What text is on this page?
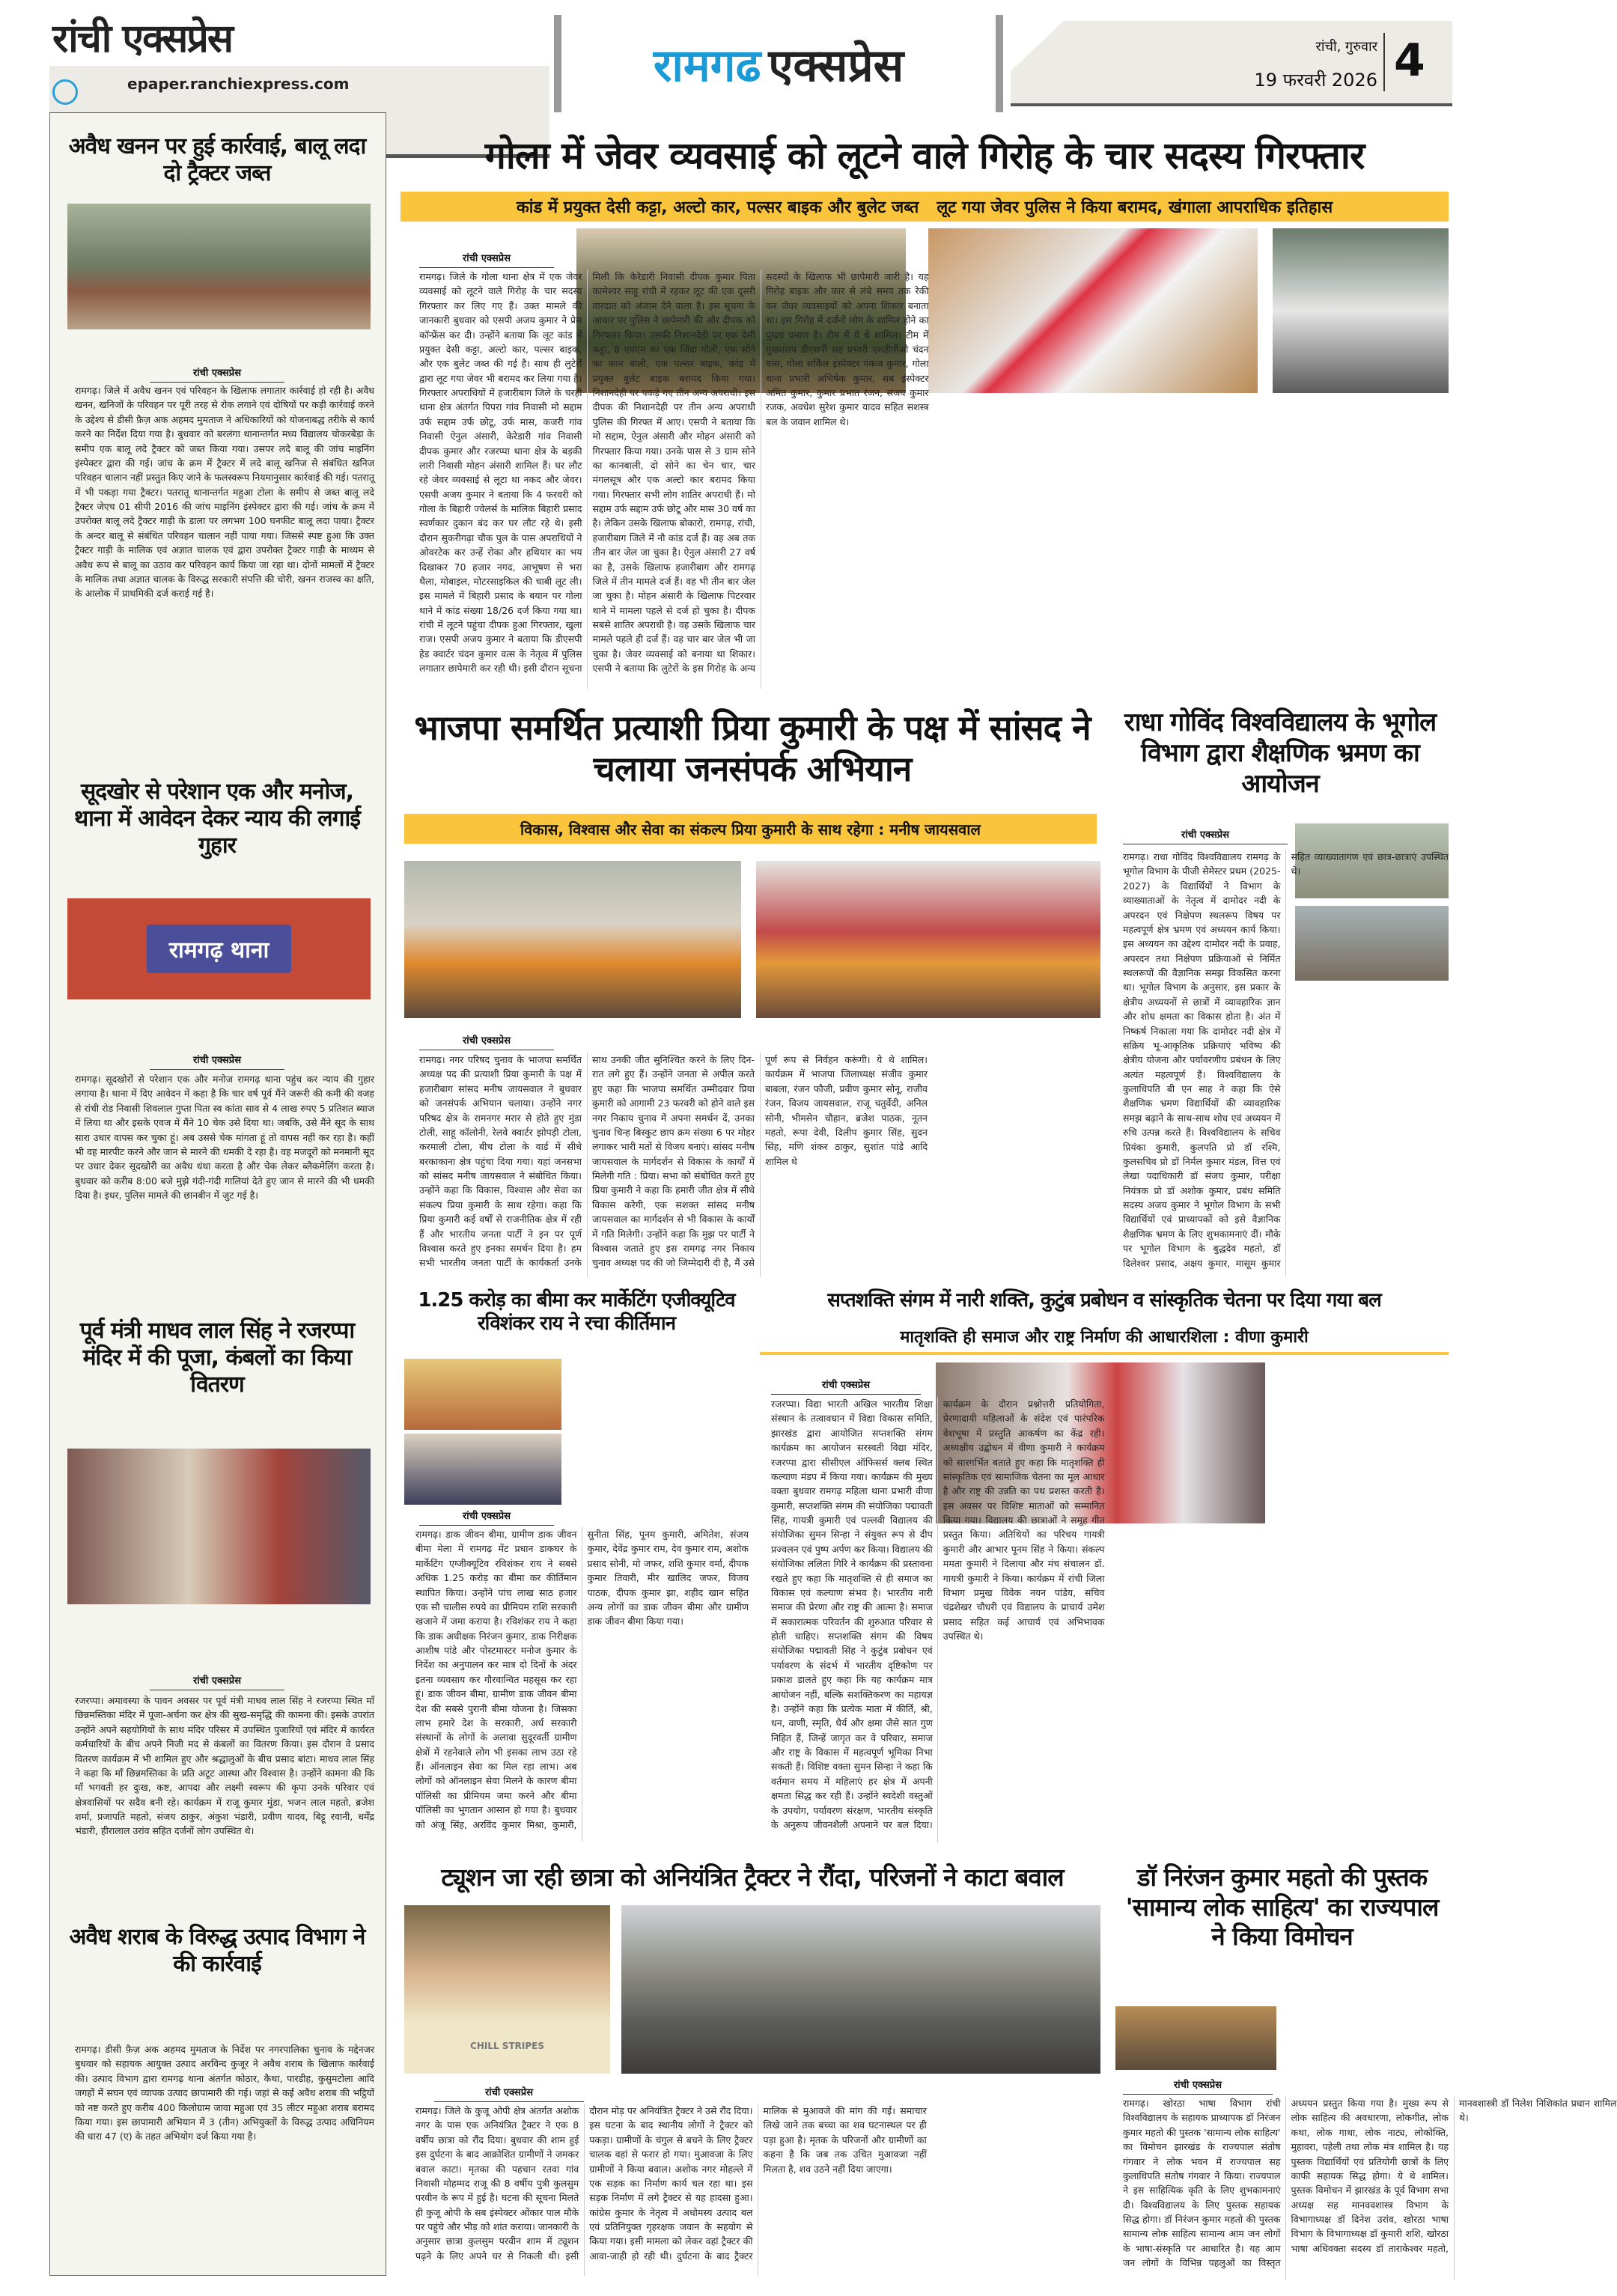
रांची एक्सप्रेस
epaper.ranchiexpress.com	रामगढ एक्सप्रेस	रांची, गुरुवार
19 फरवरी 2026 4
अवैध खनन पर हुई कार्रवाई, बालू लदा दो ट्रैक्टर जब्त
रांची एक्सप्रेस
रामगढ़। जिले में अवैध खनन एवं परिवहन के खिलाफ लगातार कार्रवाई हो रही है। अवैध खनन, खनिजों के परिवहन पर पूरी तरह से रोक लगाने एवं दोषियों पर कड़ी कार्रवाई करने के उद्देश्य से डीसी फ़ैज़ अक अहमद मुमताज ने अधिकारियों को योजनाबद्ध तरीके से कार्य करने का निर्देश दिया गया है। बुधवार को बरलंगा थानान्तर्गत मध्य विद्यालय चोकरबेड़ा के समीप एक बालू लदे ट्रैक्टर को जब्त किया गया। उसपर लदे बालू की जांच माइनिंग इंस्पेक्टर द्वारा की गई। जांच के क्रम में ट्रैक्टर में लदे बालू खनिज से संबंधित खनिज परिवहन चालान नहीं प्रस्तुत किए जाने के फलस्वरूप नियमानुसार कार्रवाई की गई। पतरातू में भी पकड़ा गया ट्रैक्टर। पतरातू थानान्तर्गत महुआ टोला के समीप से जब्त बालू लदे ट्रैक्टर जेएच 01 सीपी 2016 की जांच माइनिंग इंस्पेक्टर द्वारा की गई। जांच के क्रम में उपरोक्त बालू लदे ट्रैक्टर गाड़ी के डाला पर लगभग 100 घनफीट बालू लदा पाया। ट्रैक्टर के अन्दर बालू से संबंधित परिवहन चालान नहीं पाया गया। जिससे स्पष्ट हुआ कि उक्त ट्रैक्टर गाड़ी के मालिक एवं अज्ञात चालक एवं द्वारा उपरोक्त ट्रैक्टर गाड़ी के माध्यम से अवैध रूप से बालू का उठाव कर परिवहन कार्य किया जा रहा था। दोनों मामलों में ट्रैक्टर के मालिक तथा अज्ञात चालक के विरुद्ध सरकारी संपत्ति की चोरी, खनन राजस्व का क्षति, के आलोक में प्राथमिकी दर्ज कराई गई है।
सूदखोर से परेशान एक और मनोज, थाना में आवेदन देकर न्याय की लगाई गुहार
रामगढ़ थाना
रांची एक्सप्रेस
रामगढ़। सूदखोरों से परेशान एक और मनोज रामगढ़ थाना पहुंच कर न्याय की गुहार लगाया है। थाना में दिए आवेदन में कहा है कि चार वर्ष पूर्व मैंने जरूरी की कमी की वजह से रांची रोड निवासी शिवलाल गुप्ता पिता स्व कांता साव से 4 लाख रुपए 5 प्रतिशत ब्याज में लिया था और इसके एवज में मैंने 10 चेक उसे दिया था। जबकि, उसे मैंने सूद के साथ सारा उधार वापस कर चुका हूं। अब उससे चेक मांगता हूं तो वापस नहीं कर रहा है। कहीं भी वह मारपीट करने और जान से मारने की धमकी दे रहा है। वह मजदूरों को मनमानी सूद पर उधार देकर सूदखोरी का अवैध धंधा करता है और चेक लेकर ब्लैकमेलिंग करता है। बुधवार को करीब 8:00 बजे मुझे गंदी-गंदी गालियां देते हुए जान से मारने की भी धमकी दिया है। इधर, पुलिस मामले की छानबीन में जुट गई है।
पूर्व मंत्री माधव लाल सिंह ने रजरप्पा मंदिर में की पूजा, कंबलों का किया वितरण
रांची एक्सप्रेस
रजरप्पा। अमावस्या के पावन अवसर पर पूर्व मंत्री माधव लाल सिंह ने रजरप्पा स्थित माँ छिन्नमस्तिका मंदिर में पूजा-अर्चना कर क्षेत्र की सुख-समृद्धि की कामना की। इसके उपरांत उन्होंने अपने सहयोगियों के साथ मंदिर परिसर में उपस्थित पुजारियों एवं मंदिर में कार्यरत कर्मचारियों के बीच अपने निजी मद से कंबलों का वितरण किया। इस दौरान वे प्रसाद वितरण कार्यक्रम में भी शामिल हुए और श्रद्धालुओं के बीच प्रसाद बांटा। माधव लाल सिंह ने कहा कि माँ छिन्नमस्तिका के प्रति अटूट आस्था और विश्वास है। उन्होंने कामना की कि माँ भगवती हर दुःख, कष्ट, आपदा और लक्ष्मी स्वरूप की कृपा उनके परिवार एवं क्षेत्रवासियों पर सदैव बनी रहे। कार्यक्रम में राजू कुमार मुंडा, भजन लाल महतो, ब्रजेश शर्मा, प्रजापति महतो, संजय ठाकुर, अंकुश भंडारी, प्रवीण यादव, बिट्टू रवानी, धर्मेंद्र भंडारी, हीरालाल उरांव सहित दर्जनों लोग उपस्थित थे।
अवैध शराब के विरुद्ध उत्पाद विभाग ने की कार्रवाई
रामगढ़। डीसी फ़ैज़ अक अहमद मुमताज के निर्देश पर नगरपालिका चुनाव के मद्देनजर बुधवार को सहायक आयुक्त उत्पाद अरविन्द कुजूर ने अवैध शराब के खिलाफ कार्रवाई की। उत्पाद विभाग द्वारा रामगढ़ थाना अंतर्गत कोठार, कैथा, पारडीह, कुसुमटोला आदि जगहों में सघन एवं व्यापक उत्पाद छापामारी की गई। जहां से कई अवैध शराब की भट्ठियों को नष्ट करते हुए करीब 400 किलोग्राम जावा महुआ एवं 35 लीटर महुआ शराब बरामद किया गया। इस छापामारी अभियान में 3 (तीन) अभियुक्तों के विरुद्ध उत्पाद अधिनियम की धारा 47 (ए) के तहत अभियोग दर्ज किया गया है।
गोला में जेवर व्यवसाई को लूटने वाले गिरोह के चार सदस्य गिरफ्तार
कांड में प्रयुक्त देसी कट्टा, अल्टो कार, पल्सर बाइक और बुलेट जब्त लूट गया जेवर पुलिस ने किया बरामद, खंगाला आपराधिक इतिहास
रांची एक्सप्रेस
रामगढ़। जिले के गोला थाना क्षेत्र में एक जेवर व्यवसाई को लूटने वाले गिरोह के चार सदस्य गिरफ्तार कर लिए गए हैं। उक्त मामले की जानकारी बुधवार को एसपी अजय कुमार ने प्रेस कॉन्फ्रेंस कर दी। उन्होंने बताया कि लूट कांड में प्रयुक्त देसी कट्टा, अल्टो कार, पल्सर बाइक, और एक बुलेट जब्त की गई है। साथ ही लुटेरों द्वारा लूट गया जेवर भी बरामद कर लिया गया है। गिरफ्तार अपराधियों में हजारीबाग जिले के चरही थाना क्षेत्र अंतर्गत पिपरा गांव निवासी मो सद्दाम उर्फ सद्दाम उर्फ छोटू, उर्फ मास, कजरी गांव निवासी ऐनुल अंसारी, केरेडारी गांव निवासी दीपक कुमार और रजरप्पा थाना क्षेत्र के बड़की लारी निवासी मोहन अंसारी शामिल हैं। घर लौट रहे जेवर व्यवसाई से लूटा था नकद और जेवर। एसपी अजय कुमार ने बताया कि 4 फरवरी को गोला के बिहारी ज्वेलर्स के मालिक बिहारी प्रसाद स्वर्णकार दुकान बंद कर घर लौट रहे थे। इसी दौरान सुकरीगढ़ा चौक पुल के पास अपराधियों ने ओवरटेक कर उन्हें रोका और हथियार का भय दिखाकर 70 हजार नगद, आभूषण से भरा थैला, मोबाइल, मोटरसाइकिल की चाबी लूट ली। इस मामले में बिहारी प्रसाद के बयान पर गोला थाने में कांड संख्या 18/26 दर्ज किया गया था। रांची में लूटने पहुंचा दीपक हुआ गिरफ्तार, खुला राज। एसपी अजय कुमार ने बताया कि डीएसपी हेड क्वार्टर चंदन कुमार वत्स के नेतृत्व में पुलिस लगातार छापेमारी कर रही थी। इसी दौरान सूचना मिली कि केरेडारी निवासी दीपक कुमार पिता कामेश्वर साहू रांची में रहकर लूट की एक दूसरी वारदात को अंजाम देने वाला है। इस सूचना के आधार पर पुलिस ने छापेमारी की और दीपक को गिरफ्तार किया। उसकी निशानदेही पर एक देसी कट्टा, 8 एमएम का एक जिंदा गोली, एक सोने का कान बाली, एक पल्सर बाइक, कांड में प्रयुक्त बुलेट बाइक बरामद किया गया। निशानदेही पर पकड़े गए तीन अन्य अपराधी। इस दीपक की निशानदेही पर तीन अन्य अपराधी पुलिस की गिरफ्त में आए। एसपी ने बताया कि मो सद्दाम, ऐनुल अंसारी और मोहन अंसारी को गिरफ्तार किया गया। उनके पास से 3 ग्राम सोने का कानबाली, दो सोने का चेन चार, चार मंगलसूत्र और एक अल्टो कार बरामद किया गया। गिरफ्तार सभी लोग शातिर अपराधी हैं। मो सद्दाम उर्फ सद्दाम उर्फ छोटू और मास 30 वर्ष का है। लेकिन उसके खिलाफ बोकारो, रामगढ़, रांची, हजारीबाग जिले में नौ कांड दर्ज हैं। वह अब तक तीन बार जेल जा चुका है। ऐनुल अंसारी 27 वर्ष का है, उसके खिलाफ हजारीबाग और रामगढ़ जिले में तीन मामले दर्ज हैं। वह भी तीन बार जेल जा चुका है। मोहन अंसारी के खिलाफ पिटरवार थाने में मामला पहले से दर्ज हो चुका है। दीपक सबसे शातिर अपराधी है। वह उसके खिलाफ चार मामले पहले ही दर्ज हैं। वह चार बार जेल भी जा चुका है। जेवर व्यवसाई को बनाया था शिकार। एसपी ने बताया कि लुटेरों के इस गिरोह के अन्य सदस्यों के खिलाफ भी छापेमारी जारी है। यह गिरोह बाइक और कार से लंबे समय तक रेकी कर जेवर व्यवसाइयों को अपना शिकार बनाता था। इस गिरोह में दर्जनों लोग के शामिल होने का पुख्ता प्रमाण है। टीम में ये थे शामिल। टीम में मुख्यालय डीएसपी सह प्रभारी एसडीपीओ चंदन वत्स, गोला सर्किल इंस्पेक्टर पंकज कुमार, गोला थाना प्रभारी अभिषेक कुमार, सब इंस्पेक्टर अमित कुमार, कुमार प्रभात रंजन, संजय कुमार रजक, अवधेश सुरेश कुमार यादव सहित सशस्त्र बल के जवान शामिल थे।
भाजपा समर्थित प्रत्याशी प्रिया कुमारी के पक्ष में सांसद ने चलाया जनसंपर्क अभियान
विकास, विश्वास और सेवा का संकल्प प्रिया कुमारी के साथ रहेगा : मनीष जायसवाल
रांची एक्सप्रेस
रामगढ़। नगर परिषद चुनाव के भाजपा समर्थित अध्यक्ष पद की प्रत्याशी प्रिया कुमारी के पक्ष में हजारीबाग सांसद मनीष जायसवाल ने बुधवार को जनसंपर्क अभियान चलाया। उन्होंने नगर परिषद क्षेत्र के रामनगर मरार से होते हुए मुंडा टोली, साहू कॉलोनी, रेलवे क्वार्टर झोपड़ी टोला, करमाली टोला, बीच टोला के वार्ड में सीधे बरकाकाना क्षेत्र पहुंचा दिया गया। यहां जनसभा को सांसद मनीष जायसवाल ने संबोधित किया। उन्होंने कहा कि विकास, विश्वास और सेवा का संकल्प प्रिया कुमारी के साथ रहेगा। कहा कि प्रिया कुमारी कई वर्षों से राजनीतिक क्षेत्र में रही हैं और भारतीय जनता पार्टी ने इन पर पूर्ण विश्वास करते हुए इनका समर्थन दिया है। हम सभी भारतीय जनता पार्टी के कार्यकर्ता उनके साथ उनकी जीत सुनिश्चित करने के लिए दिन-रात लगे हुए हैं। उन्होंने जनता से अपील करते हुए कहा कि भाजपा समर्थित उम्मीदवार प्रिया कुमारी को आगामी 23 फरवरी को होने वाले इस नगर निकाय चुनाव में अपना समर्थन दें, उनका चुनाव चिन्ह बिस्कुट छाप क्रम संख्या 6 पर मोहर लगाकर भारी मतों से विजय बनाएं। सांसद मनीष जायसवाल के मार्गदर्शन से विकास के कार्यों में मिलेगी गति : प्रिया। सभा को संबोधित करते हुए प्रिया कुमारी ने कहा कि हमारी जीत क्षेत्र में सीधे विकास करेगी, एक सशक्त सांसद मनीष जायसवाल का मार्गदर्शन से भी विकास के कार्यों में गति मिलेगी। उन्होंने कहा कि मुझ पर पार्टी ने विश्वास जताते हुए इस रामगढ़ नगर निकाय चुनाव अध्यक्ष पद की जो जिम्मेदारी दी है, मैं उसे पूर्ण रूप से निर्वहन करूंगी। ये थे शामिल। कार्यक्रम में भाजपा जिलाध्यक्ष संजीव कुमार बाबला, रंजन फौजी, प्रवीण कुमार सोनू, राजीव रंजन, विजय जायसवाल, राजू चतुर्वेदी, अनिल सोनी, भीमसेन चौहान, ब्रजेश पाठक, नूतन महतो, रूपा देवी, दिलीप कुमार सिंह, सुदन सिंह, मणि शंकर ठाकुर, सुशांत पांडे आदि शामिल थे
राधा गोविंद विश्वविद्यालय के भूगोल विभाग द्वारा शैक्षणिक भ्रमण का आयोजन
रांची एक्सप्रेस
रामगढ़। राधा गोविंद विश्वविद्यालय रामगढ़ के भूगोल विभाग के पीजी सेमेस्टर प्रथम (2025-2027) के विद्यार्थियों ने विभाग के व्याख्याताओं के नेतृत्व में दामोदर नदी के अपरदन एवं निक्षेपण स्थलरूप विषय पर महत्वपूर्ण क्षेत्र भ्रमण एवं अध्ययन कार्य किया। इस अध्ययन का उद्देश्य दामोदर नदी के प्रवाह, अपरदन तथा निक्षेपण प्रक्रियाओं से निर्मित स्थलरूपों की वैज्ञानिक समझ विकसित करना था। भूगोल विभाग के अनुसार, इस प्रकार के क्षेत्रीय अध्ययनों से छात्रों में व्यावहारिक ज्ञान और शोध क्षमता का विकास होता है। अंत में निष्कर्ष निकाला गया कि दामोदर नदी क्षेत्र में सक्रिय भू-आकृतिक प्रक्रियाएं भविष्य की क्षेत्रीय योजना और पर्यावरणीय प्रबंधन के लिए अत्यंत महत्वपूर्ण हैं। विश्वविद्यालय के कुलाधिपति बी एन साह ने कहा कि ऐसे शैक्षणिक भ्रमण विद्यार्थियों की व्यावहारिक समझ बढ़ाने के साथ-साथ शोध एवं अध्ययन में रुचि उत्पन्न करते हैं। विश्वविद्यालय के सचिव प्रियंका कुमारी, कुलपति प्रो डॉ रश्मि, कुलसचिव प्रो डॉ निर्मल कुमार मंडल, वित्त एवं लेखा पदाधिकारी डॉ संजय कुमार, परीक्षा नियंत्रक प्रो डॉ अशोक कुमार, प्रबंध समिति सदस्य अजय कुमार ने भूगोल विभाग के सभी विद्यार्थियों एवं प्राध्यापकों को इसे वैज्ञानिक शैक्षणिक भ्रमण के लिए शुभकामनाएं दीं। मौके पर भूगोल विभाग के बुद्धदेव महतो, डॉ दिलेश्वर प्रसाद, अक्षय कुमार, मासूम कुमार सहित व्याख्यातागण एवं छात्र-छात्राएं उपस्थित थे।
1.25 करोड़ का बीमा कर मार्केटिंग एजीक्यूटिव रविशंकर राय ने रचा कीर्तिमान
रांची एक्सप्रेस
रामगढ़। डाक जीवन बीमा, ग्रामीण डाक जीवन बीमा मेला में रामगढ़ मेंट प्रधान डाकघर के मार्केटिंग एग्जीक्यूटिव रविशंकर राय ने सबसे अधिक 1.25 करोड़ का बीमा कर कीर्तिमान स्थापित किया। उन्होंने पांच लाख साठ हजार एक सौ चालीस रुपये का प्रीमियम राशि सरकारी खजाने में जमा कराया है। रविशंकर राय ने कहा कि डाक अधीक्षक निरंजन कुमार, डाक निरीक्षक आशीष पांडे और पोस्टमास्टर मनोज कुमार के निर्देश का अनुपालन कर मात्र दो दिनों के अंदर इतना व्यवसाय कर गौरवान्वित महसूस कर रहा हूं। डाक जीवन बीमा, ग्रामीण डाक जीवन बीमा देश की सबसे पुरानी बीमा योजना है। जिसका लाभ हमारे देश के सरकारी, अर्ध सरकारी संस्थानों के लोगों के अलावा सुदूरवर्ती ग्रामीण क्षेत्रों में रहनेवाले लोग भी इसका लाभ उठा रहे हैं। ऑनलाइन सेवा का मिल रहा लाभ। अब लोगों को ऑनलाइन सेवा मिलने के कारण बीमा पॉलिसी का प्रीमियम जमा करने और बीमा पॉलिसी का भुगतान आसान हो गया है। बुधवार को अंजू सिंह, अरविंद कुमार मिश्रा, कुमारी, सुनीता सिंह, पूनम कुमारी, अमितेश, संजय कुमार, देवेंद्र कुमार राम, देव कुमार राम, अशोक प्रसाद सोनी, मो जफर, शशि कुमार वर्मा, दीपक कुमार तिवारी, मीर खालिद जफर, विजय पाठक, दीपक कुमार झा, शहीद खान सहित अन्य लोगों का डाक जीवन बीमा और ग्रामीण डाक जीवन बीमा किया गया।
सप्तशक्ति संगम में नारी शक्ति, कुटुंब प्रबोधन व सांस्कृतिक चेतना पर दिया गया बल
मातृशक्ति ही समाज और राष्ट्र निर्माण की आधारशिला : वीणा कुमारी
रांची एक्सप्रेस
रजरप्पा। विद्या भारती अखिल भारतीय शिक्षा संस्थान के तत्वावधान में विद्या विकास समिति, झारखंड द्वारा आयोजित सप्तशक्ति संगम कार्यक्रम का आयोजन सरस्वती विद्या मंदिर, रजरप्पा द्वारा सीसीएल ऑफिसर्स क्लब स्थित कल्याण मंडप में किया गया। कार्यक्रम की मुख्य वक्ता बुधवार रामगढ़ महिला थाना प्रभारी वीणा कुमारी, सप्तशक्ति संगम की संयोजिका पद्मावती सिंह, गायत्री कुमारी एवं पल्लवी विद्यालय की संयोजिका सुमन सिन्हा ने संयुक्त रूप से दीप प्रज्वलन एवं पुष्प अर्पण कर किया। विद्यालय की संयोजिका ललिता गिरि ने कार्यक्रम की प्रस्तावना रखते हुए कहा कि मातृशक्ति से ही समाज का विकास एवं कल्याण संभव है। भारतीय नारी समाज की प्रेरणा और राष्ट्र की आत्मा है। समाज में सकारात्मक परिवर्तन की शुरुआत परिवार से होती चाहिए। सप्तशक्ति संगम की विषय संयोजिका पद्मावती सिंह ने कुटुंब प्रबोधन एवं पर्यावरण के संदर्भ में भारतीय दृष्टिकोण पर प्रकाश डालते हुए कहा कि यह कार्यक्रम मात्र आयोजन नहीं, बल्कि सशक्तिकरण का महायज्ञ है। उन्होंने कहा कि प्रत्येक माता में कीर्ति, श्री, धन, वाणी, स्मृति, धैर्य और क्षमा जैसे सात गुण निहित हैं, जिन्हें जागृत कर वे परिवार, समाज और राष्ट्र के विकास में महत्वपूर्ण भूमिका निभा सकती हैं। विशिष्ट वक्ता सुमन सिन्हा ने कहा कि वर्तमान समय में महिलाएं हर क्षेत्र में अपनी क्षमता सिद्ध कर रही हैं। उन्होंने स्वदेशी वस्तुओं के उपयोग, पर्यावरण संरक्षण, भारतीय संस्कृति के अनुरूप जीवनशैली अपनाने पर बल दिया। कार्यक्रम के दौरान प्रश्नोत्तरी प्रतियोगिता, प्रेरणादायी महिलाओं के संदेश एवं पारंपरिक वेशभूषा में प्रस्तुति आकर्षण का केंद्र रही। अध्यक्षीय उद्बोधन में वीणा कुमारी ने कार्यक्रम को सारगर्भित बताते हुए कहा कि मातृशक्ति ही सांस्कृतिक एवं सामाजिक चेतना का मूल आधार है और राष्ट्र की उन्नति का पथ प्रशस्त करती है। इस अवसर पर विशिष्ट माताओं को सम्मानित किया गया। विद्यालय की छात्राओं ने समूह गीत प्रस्तुत किया। अतिथियों का परिचय गायत्री कुमारी और आभार पूनम सिंह ने किया। संकल्प ममता कुमारी ने दिलाया और मंच संचालन डॉ. गायत्री कुमारी ने किया। कार्यक्रम में रांची जिला विभाग प्रमुख विवेक नयन पांडेय, सचिव चंद्रशेखर चौधरी एवं विद्यालय के प्राचार्य उमेश प्रसाद सहित कई आचार्य एवं अभिभावक उपस्थित थे।
ट्यूशन जा रही छात्रा को अनियंत्रित ट्रैक्टर ने रौंदा, परिजनों ने काटा बवाल
CHILL STRIPES
रांची एक्सप्रेस
रामगढ़। जिले के कुजू ओपी क्षेत्र अंतर्गत अशोक नगर के पास एक अनियंत्रित ट्रैक्टर ने एक 8 वर्षीय छात्रा को रौंद दिया। बुधवार की शाम हुई इस दुर्घटना के बाद आक्रोशित ग्रामीणों ने जमकर बवाल काटा। मृतका की पहचान रतवा गांव निवासी मोहम्मद राजू की 8 वर्षीय पुत्री कुलसुम परवीन के रूप में हुई है। घटना की सूचना मिलते ही कुजू ओपी के सब इंस्पेक्टर ओंकार पाल मौके पर पहुंचे और भीड़ को शांत कराया। जानकारी के अनुसार छात्रा कुलसुम परवीन शाम में ट्यूशन पढ़ने के लिए अपने घर से निकली थी। इसी दौरान मोड़ पर अनियंत्रित ट्रैक्टर ने उसे रौंद दिया। इस घटना के बाद स्थानीय लोगों ने ट्रैक्टर को पकड़ा। ग्रामीणों के चंगुल से बचने के लिए ट्रैक्टर चालक वहां से फरार हो गया। मुआवजा के लिए ग्रामीणों ने किया बवाल। अशोक नगर मोहल्ले में एक सड़क का निर्माण कार्य चल रहा था। इस सड़क निर्माण में लगे ट्रैक्टर से यह हादसा हुआ। कांग्रेस कुमार के नेतृत्व में अधोमस्य उत्पाद बल एवं प्रतिनियुक्त गृहरक्षक जवान के सहयोग से किया गया। इसी मामला को लेकर वहां ट्रैक्टर की आवा-जाही हो रही थी। दुर्घटना के बाद ट्रैक्टर मालिक से मुआवजे की मांग की गई। समाचार लिखे जाने तक बच्चा का शव घटनास्थल पर ही पड़ा हुआ है। मृतक के परिजनों और ग्रामीणों का कहना है कि जब तक उचित मुआवजा नहीं मिलता है, शव उठने नहीं दिया जाएगा।
डॉ निरंजन कुमार महतो की पुस्तक 'सामान्य लोक साहित्य' का राज्यपाल ने किया विमोचन
रांची एक्सप्रेस
रामगढ़। खोरठा भाषा विभाग रांची विश्वविद्यालय के सहायक प्राध्यापक डॉ निरंजन कुमार महतो की पुस्तक 'सामान्य लोक साहित्य' का विमोचन झारखंड के राज्यपाल संतोष गंगवार ने लोक भवन में राज्यपाल सह कुलाधिपति संतोष गंगवार ने किया। राज्यपाल ने इस साहित्यिक कृति के लिए शुभकामनाएं दी। विश्वविद्यालय के लिए पुस्तक सहायक सिद्ध होगा। डॉ निरंजन कुमार महतो की पुस्तक सामान्य लोक साहित्य सामान्य आम जन लोगों के भाषा-संस्कृति पर आधारित है। यह आम जन लोगों के विभिन्न पहलुओं का विस्तृत अध्ययन प्रस्तुत किया गया है। मुख्य रूप से लोक साहित्य की अवधारणा, लोकगीत, लोक कथा, लोक गाथा, लोक नाट्य, लोकोक्ति, मुहावरा, पहेली तथा लोक मंत्र शामिल है। यह पुस्तक विद्यार्थियों एवं प्रतियोगी छात्रों के लिए काफी सहायक सिद्ध होगा। ये थे शामिल। पुस्तक विमोचन में झारखंड के पूर्व विभाग सभा अध्यक्ष सह मानववशास्त्र विभाग के विभागाध्यक्ष डॉ दिनेश उरांव, खोरठा भाषा विभाग के विभागाध्यक्ष डॉ कुमारी शशि, खोरठा भाषा अधिवक्ता सदस्य डॉ ताराकेश्वर महतो, मानवशास्त्री डॉ निलेश निशिकांत प्रधान शामिल थे।
